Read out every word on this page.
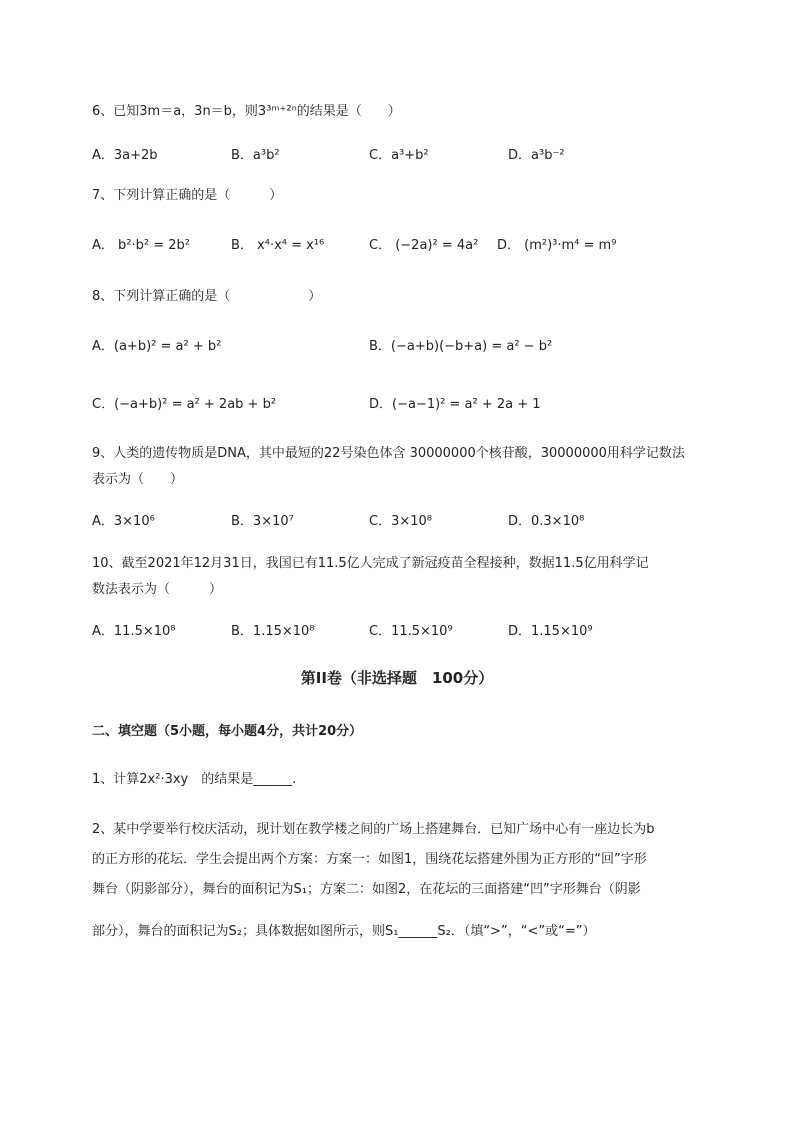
6、已知3m＝a，3n＝b，则3³ᵐ⁺²ⁿ的结果是（　　）
A．3a+2b	B．a³b²	C．a³+b²	D．a³b⁻²
7、下列计算正确的是（　　　）
A． b²·b² = 2b²	B． x⁴·x⁴ = x¹⁶	C． (−2a)² = 4a² D． (m²)³·m⁴ = m⁹
8、下列计算正确的是（　　　　　　）
A．(a+b)² = a² + b²	B．(−a+b)(−b+a) = a² − b²
C．(−a+b)² = a² + 2ab + b²	D．(−a−1)² = a² + 2a + 1
9、人类的遗传物质是DNA，其中最短的22号染色体含 30000000个核苷酸，30000000用科学记数法
表示为（　　）
A．3×10⁶	B．3×10⁷	C．3×10⁸	D．0.3×10⁸
10、截至2021年12月31日，我国已有11.5亿人完成了新冠疫苗全程接种，数据11.5亿用科学记
数法表示为（　　　）
A．11.5×10⁸	B．1.15×10⁸	C．11.5×10⁹	D．1.15×10⁹
第II卷（非选择题　100分）
二、填空题（5小题，每小题4分，共计20分）
1、计算2x²·3xy　的结果是______.
2、某中学要举行校庆活动，现计划在教学楼之间的广场上搭建舞台．已知广场中心有一座边长为b
的正方形的花坛．学生会提出两个方案：方案一：如图1，围绕花坛搭建外围为正方形的“回”字形
舞台（阴影部分），舞台的面积记为S₁；方案二：如图2，在花坛的三面搭建“凹”字形舞台（阴影
部分），舞台的面积记为S₂；具体数据如图所示，则S₁______S₂．（填“>”，“<”或“=”）
